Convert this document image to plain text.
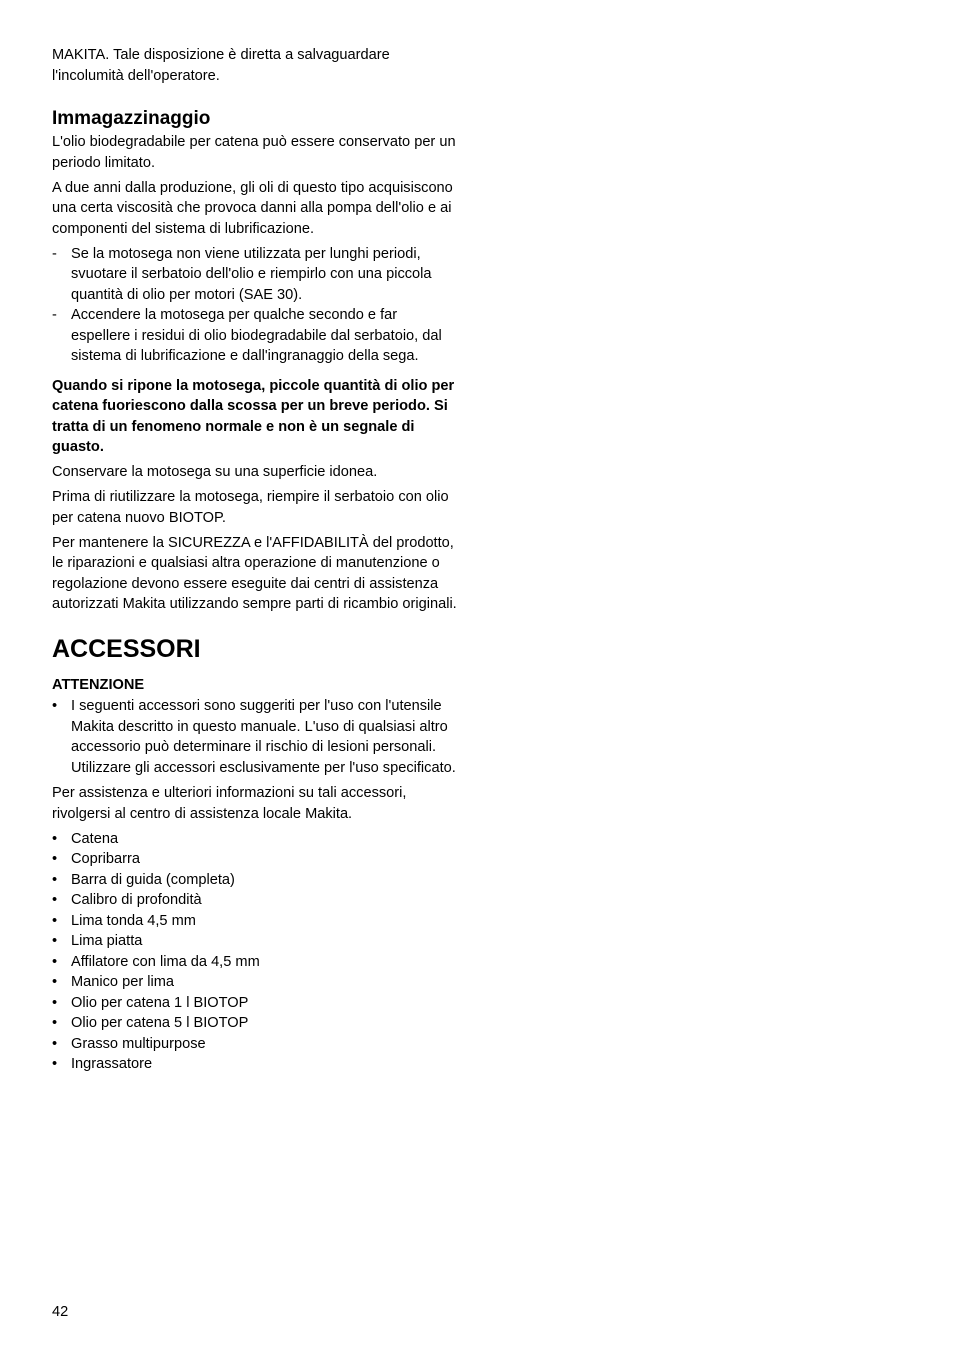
MAKITA. Tale disposizione è diretta a salvaguardare l'incolumità dell'operatore.

Immagazzinaggio

L'olio biodegradabile per catena può essere conservato per un periodo limitato.

A due anni dalla produzione, gli oli di questo tipo acquisiscono una certa viscosità che provoca danni alla pompa dell'olio e ai componenti del sistema di lubrificazione.

- Se la motosega non viene utilizzata per lunghi periodi, svuotare il serbatoio dell'olio e riempirlo con una piccola quantità di olio per motori (SAE 30).
- Accendere la motosega per qualche secondo e far espellere i residui di olio biodegradabile dal serbatoio, dal sistema di lubrificazione e dall'ingranaggio della sega.

Quando si ripone la motosega, piccole quantità di olio per catena fuoriescono dalla scossa per un breve periodo. Si tratta di un fenomeno normale e non è un segnale di guasto.

Conservare la motosega su una superficie idonea.

Prima di riutilizzare la motosega, riempire il serbatoio con olio per catena nuovo BIOTOP.

Per mantenere la SICUREZZA e l'AFFIDABILITÀ del prodotto, le riparazioni e qualsiasi altra operazione di manutenzione o regolazione devono essere eseguite dai centri di assistenza autorizzati Makita utilizzando sempre parti di ricambio originali.

ACCESSORI
ATTENZIONE
• I seguenti accessori sono suggeriti per l'uso con l'utensile Makita descritto in questo manuale. L'uso di qualsiasi altro accessorio può determinare il rischio di lesioni personali. Utilizzare gli accessori esclusivamente per l'uso specificato.

Per assistenza e ulteriori informazioni su tali accessori, rivolgersi al centro di assistenza locale Makita.

• Catena
• Copribarra
• Barra di guida (completa)
• Calibro di profondità
• Lima tonda 4,5 mm
• Lima piatta
• Affilatore con lima da 4,5 mm
• Manico per lima
• Olio per catena 1 l BIOTOP
• Olio per catena 5 l BIOTOP
• Grasso multipurpose
• Ingrassatore
42
